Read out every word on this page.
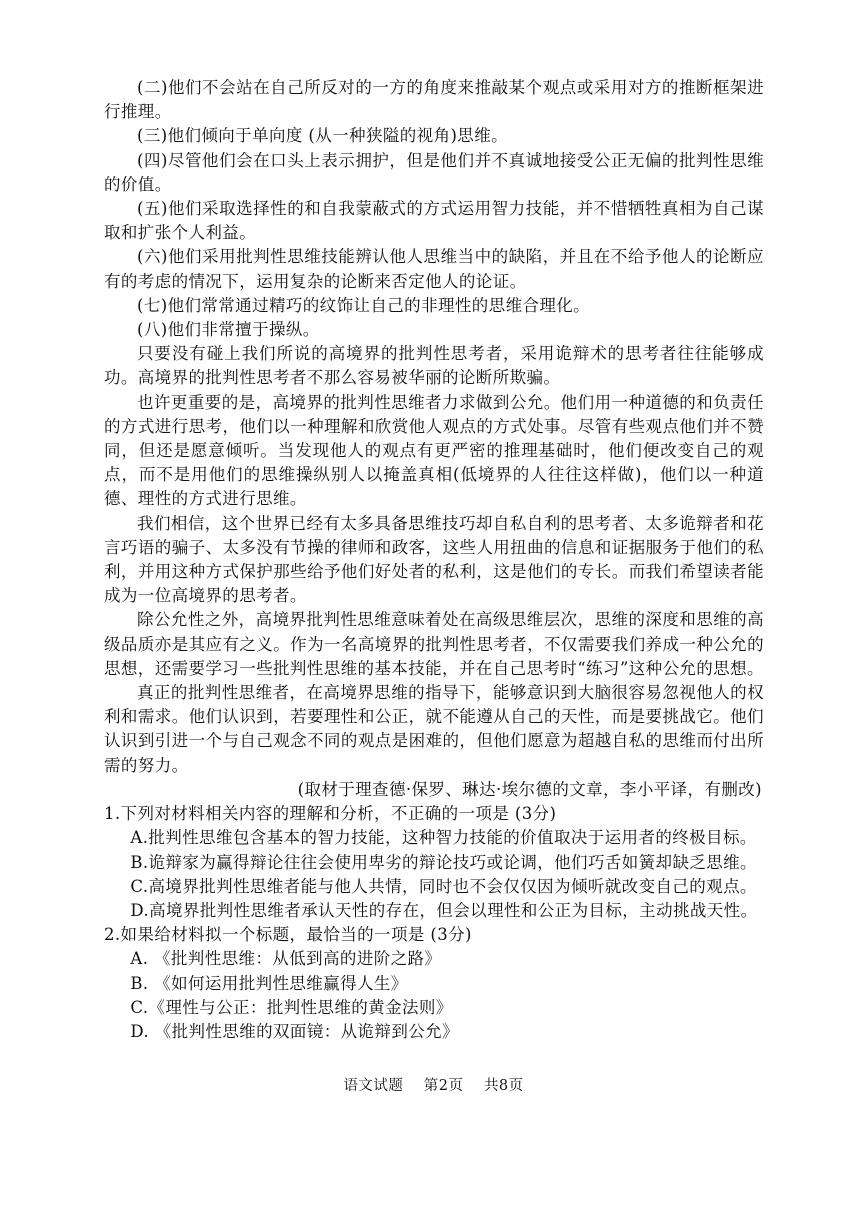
(二)他们不会站在自己所反对的一方的角度来推敲某个观点或采用对方的推断框架进行推理。

(三)他们倾向于单向度 (从一种狭隘的视角)思维。

(四)尽管他们会在口头上表示拥护，但是他们并不真诚地接受公正无偏的批判性思维的价值。

(五)他们采取选择性的和自我蒙蔽式的方式运用智力技能，并不惜牺牲真相为自己谋取和扩张个人利益。

(六)他们采用批判性思维技能辨认他人思维当中的缺陷，并且在不给予他人的论断应有的考虑的情况下，运用复杂的论断来否定他人的论证。

(七)他们常常通过精巧的纹饰让自己的非理性的思维合理化。

(八)他们非常擅于操纵。

只要没有碰上我们所说的高境界的批判性思考者，采用诡辩术的思考者往往能够成功。高境界的批判性思考者不那么容易被华丽的论断所欺骗。

也许更重要的是，高境界的批判性思维者力求做到公允。他们用一种道德的和负责任的方式进行思考，他们以一种理解和欣赏他人观点的方式处事。尽管有些观点他们并不赞同，但还是愿意倾听。当发现他人的观点有更严密的推理基础时，他们便改变自己的观点，而不是用他们的思维操纵别人以掩盖真相(低境界的人往往这样做)，他们以一种道德、理性的方式进行思维。

我们相信，这个世界已经有太多具备思维技巧却自私自利的思考者、太多诡辩者和花言巧语的骗子、太多没有节操的律师和政客，这些人用扭曲的信息和证据服务于他们的私利，并用这种方式保护那些给予他们好处者的私利，这是他们的专长。而我们希望读者能成为一位高境界的思考者。

除公允性之外，高境界批判性思维意味着处在高级思维层次，思维的深度和思维的高级品质亦是其应有之义。作为一名高境界的批判性思考者，不仅需要我们养成一种公允的思想，还需要学习一些批判性思维的基本技能，并在自己思考时“练习”这种公允的思想。

真正的批判性思维者，在高境界思维的指导下，能够意识到大脑很容易忽视他人的权利和需求。他们认识到，若要理性和公正，就不能遵从自己的天性，而是要挑战它。他们认识到引进一个与自己观念不同的观点是困难的，但他们愿意为超越自私的思维而付出所需的努力。

(取材于理查德·保罗、琳达·埃尔德的文章，李小平译，有删改)

1.下列对材料相关内容的理解和分析，不正确的一项是 (3分)

A.批判性思维包含基本的智力技能，这种智力技能的价值取决于运用者的终极目标。

B.诡辩家为赢得辩论往往会使用卑劣的辩论技巧或论调，他们巧舌如簧却缺乏思维。

C.高境界批判性思维者能与他人共情，同时也不会仅仅因为倾听就改变自己的观点。

D.高境界批判性思维者承认天性的存在，但会以理性和公正为目标，主动挑战天性。

2.如果给材料拟一个标题，最恰当的一项是 (3分)

A. 《批判性思维：从低到高的进阶之路》

B. 《如何运用批判性思维赢得人生》

C.《理性与公正：批判性思维的黄金法则》

D. 《批判性思维的双面镜：从诡辩到公允》

语文试题 第2页 共8页
